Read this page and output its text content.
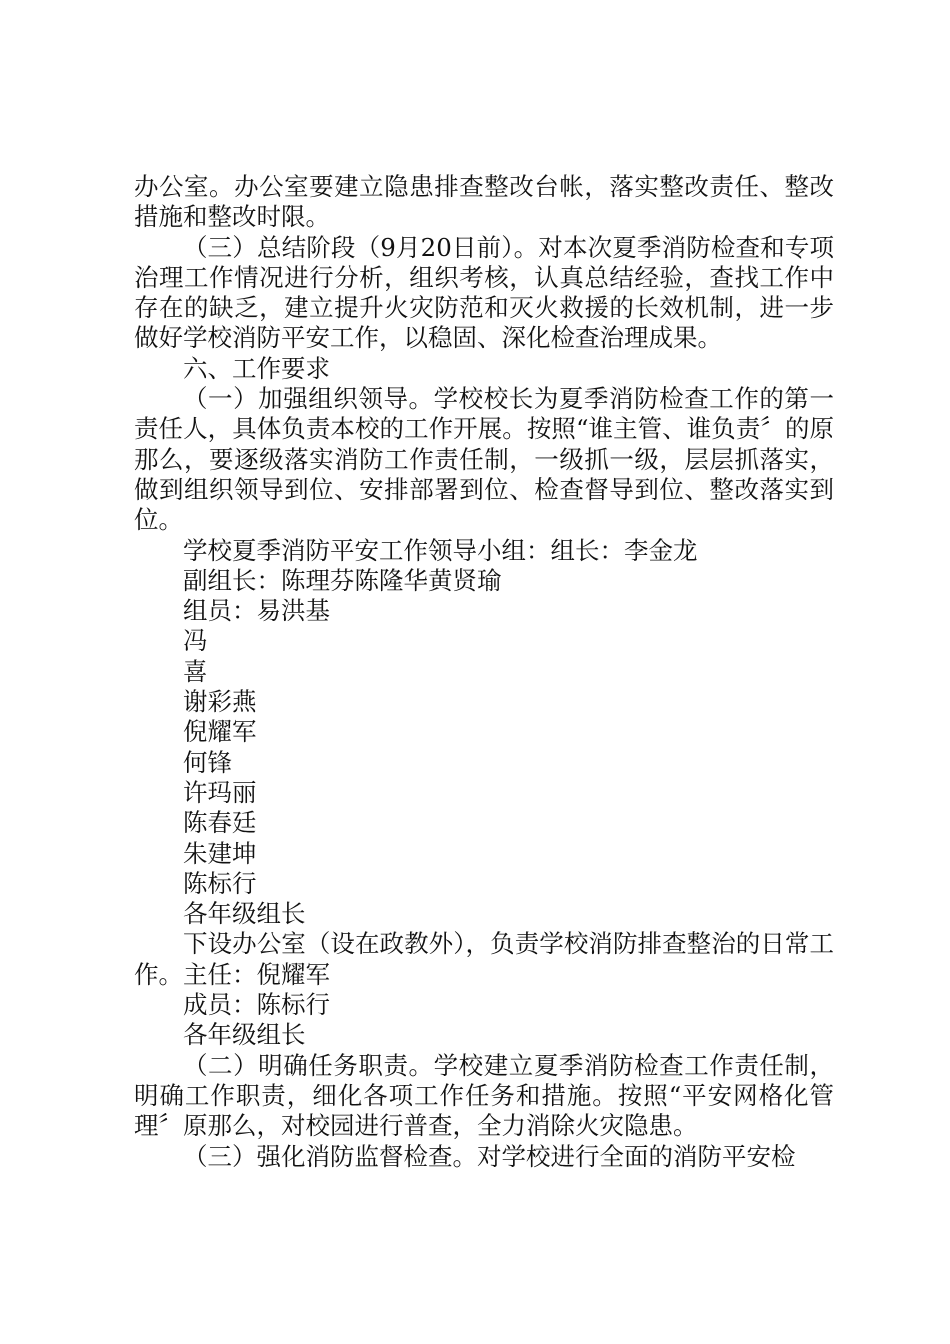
办公室。办公室要建立隐患排查整改台帐，落实整改责任、整改措施和整改时限。

（三）总结阶段（9月20日前）。对本次夏季消防检查和专项治理工作情况进行分析，组织考核，认真总结经验，查找工作中存在的缺乏，建立提升火灾防范和灭火救援的长效机制，进一步做好学校消防平安工作，以稳固、深化检查治理成果。

六、工作要求

（一）加强组织领导。学校校长为夏季消防检查工作的第一责任人，具体负责本校的工作开展。按照“谁主管、谁负责〞的原那么，要逐级落实消防工作责任制，一级抓一级，层层抓落实，做到组织领导到位、安排部署到位、检查督导到位、整改落实到位。

学校夏季消防平安工作领导小组：组长：李金龙

副组长：陈理芬陈隆华黄贤瑜

组员：易洪基

冯

喜

谢彩燕

倪耀军

何锋

许玛丽

陈春廷

朱建坤

陈标行

各年级组长

下设办公室（设在政教外），负责学校消防排查整治的日常工作。主任：倪耀军

成员：陈标行

各年级组长

（二）明确任务职责。学校建立夏季消防检查工作责任制，明确工作职责，细化各项工作任务和措施。按照“平安网格化管理〞原那么，对校园进行普查，全力消除火灾隐患。

（三）强化消防监督检查。对学校进行全面的消防平安检
